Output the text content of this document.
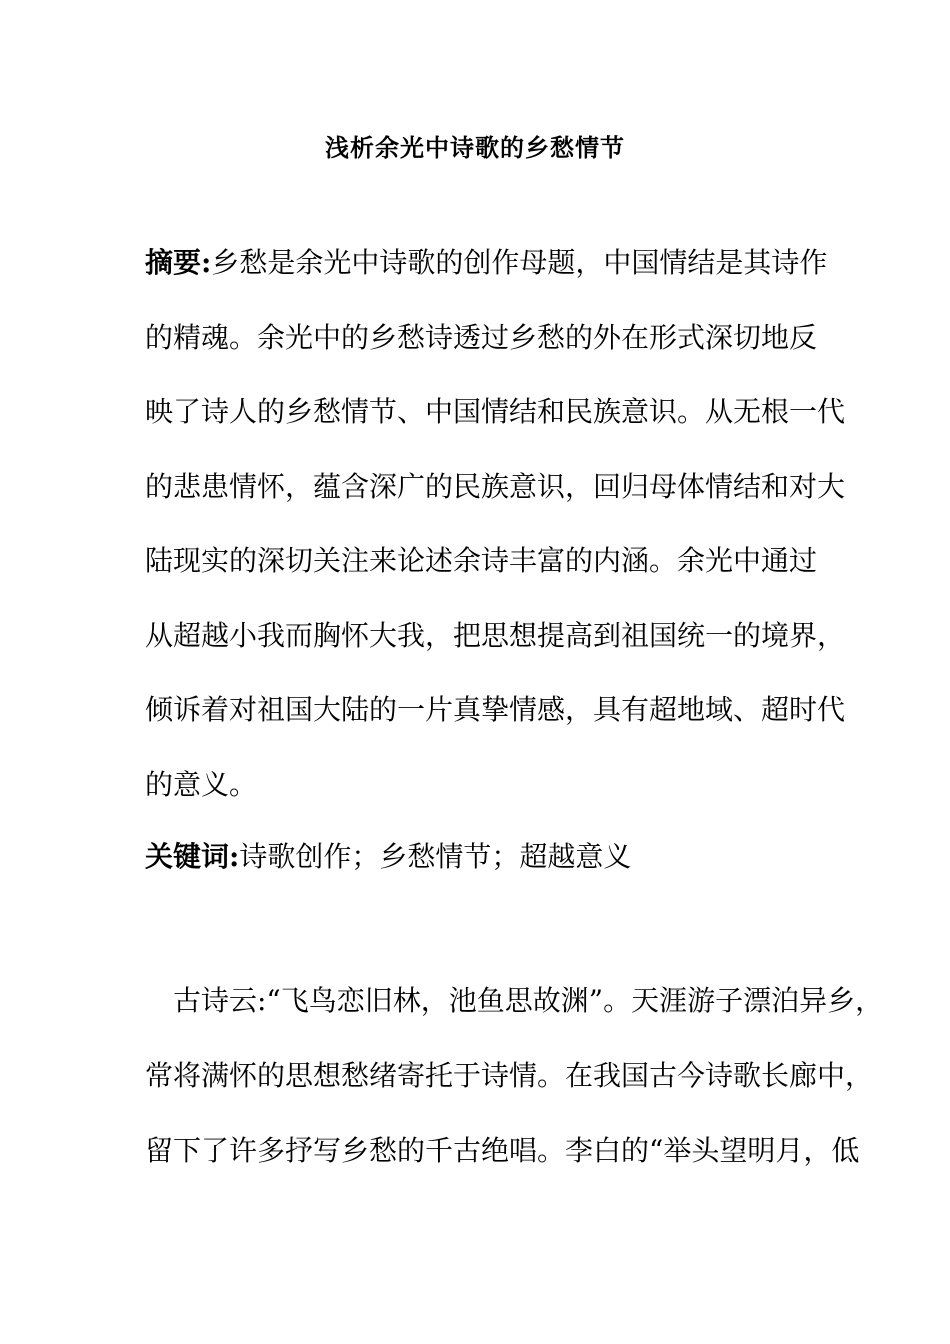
浅析余光中诗歌的乡愁情节
摘要:乡愁是余光中诗歌的创作母题，中国情结是其诗作
的精魂。余光中的乡愁诗透过乡愁的外在形式深切地反
映了诗人的乡愁情节、中国情结和民族意识。从无根一代
的悲患情怀，蕴含深广的民族意识，回归母体情结和对大
陆现实的深切关注来论述余诗丰富的内涵。余光中通过
从超越小我而胸怀大我，把思想提高到祖国统一的境界，
倾诉着对祖国大陆的一片真挚情感，具有超地域、超时代
的意义。
关键词:诗歌创作；乡愁情节；超越意义
古诗云:“飞鸟恋旧林，池鱼思故渊”。天涯游子漂泊异乡，
常将满怀的思想愁绪寄托于诗情。在我国古今诗歌长廊中，
留下了许多抒写乡愁的千古绝唱。李白的“举头望明月，低
